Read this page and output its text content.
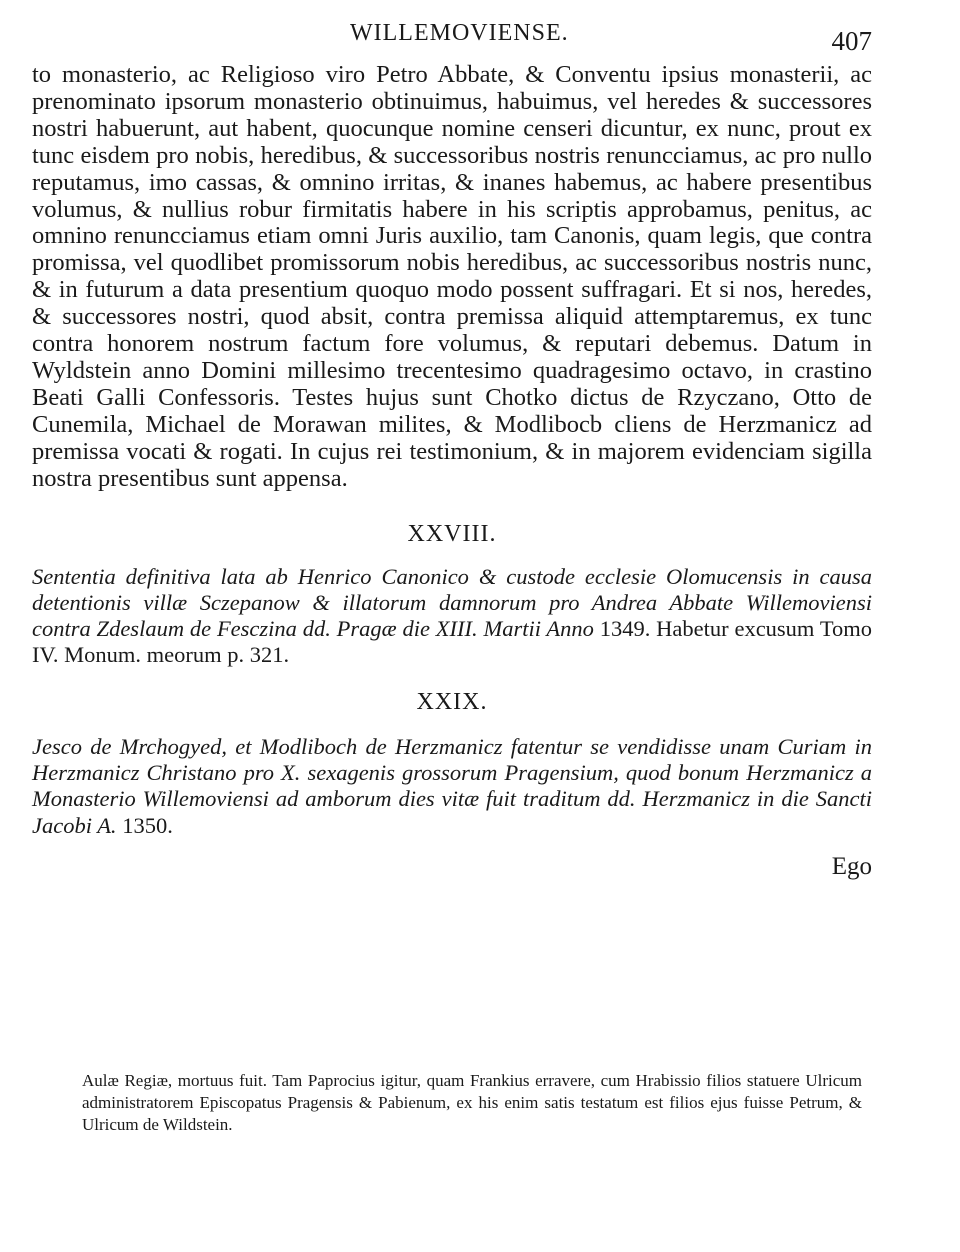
WILLEMOVIENSE.	407

to monasterio, ac Religioso viro Petro Abbate, & Conventu ipsius monasterii, ac prenominato ipsorum monasterio obtinuimus, habuimus, vel heredes & successores nostri habuerunt, aut habent, quocunque nomine censeri dicuntur, ex nunc, prout ex tunc eisdem pro nobis, heredibus, & successoribus nostris renuncciamus, ac pro nullo reputamus, imo cassas, & omnino irritas, & inanes habemus, ac habere presentibus volumus, & nullius robur firmitatis habere in his scriptis approbamus, penitus, ac omnino renuncciamus etiam omni Juris auxilio, tam Canonis, quam legis, que contra promissa, vel quodlibet promissorum nobis heredibus, ac successoribus nostris nunc, & in futurum a data presentium quoquo modo possent suffragari. Et si nos, heredes, & successores nostri, quod absit, contra premissa aliquid attemptaremus, ex tunc contra honorem nostrum factum fore volumus, & reputari debemus. Datum in Wyldstein anno Domini millesimo trecentesimo quadragesimo octavo, in crastino Beati Galli Confessoris. Testes hujus sunt Chotko dictus de Rzyczano, Otto de Cunemila, Michael de Morawan milites, & Modlibocb cliens de Herzmanicz ad premissa vocati & rogati. In cujus rei testimonium, & in majorem evidenciam sigilla nostra presentibus sunt appensa.

XXVIII.

Sententia definitiva lata ab Henrico Canonico & custode ecclesie Olomucensis in causa detentionis villæ Sczepanow & illatorum damnorum pro Andrea Abbate Willemoviensi contra Zdeslaum de Fesczina dd. Pragæ die XIII. Martii Anno 1349. Habetur excusum Tomo IV. Monum. meorum p. 321.

XXIX.

Jesco de Mrchogyed, et Modliboch de Herzmanicz fatentur se vendidisse unam Curiam in Herzmanicz Christano pro X. sexagenis grossorum Pragensium, quod bonum Herzmanicz a Monasterio Willemoviensi ad amborum dies vitæ fuit traditum dd. Herzmanicz in die Sancti Jacobi A. 1350.

Ego
Aulæ Regiæ, mortuus fuit. Tam Paprocius igitur, quam Frankius erravere, cum Hrabissio filios statuere Ulricum administratorem Episcopatus Pragensis & Pabienum, ex his enim satis testatum est filios ejus fuisse Petrum, & Ulricum de Wildstein.
